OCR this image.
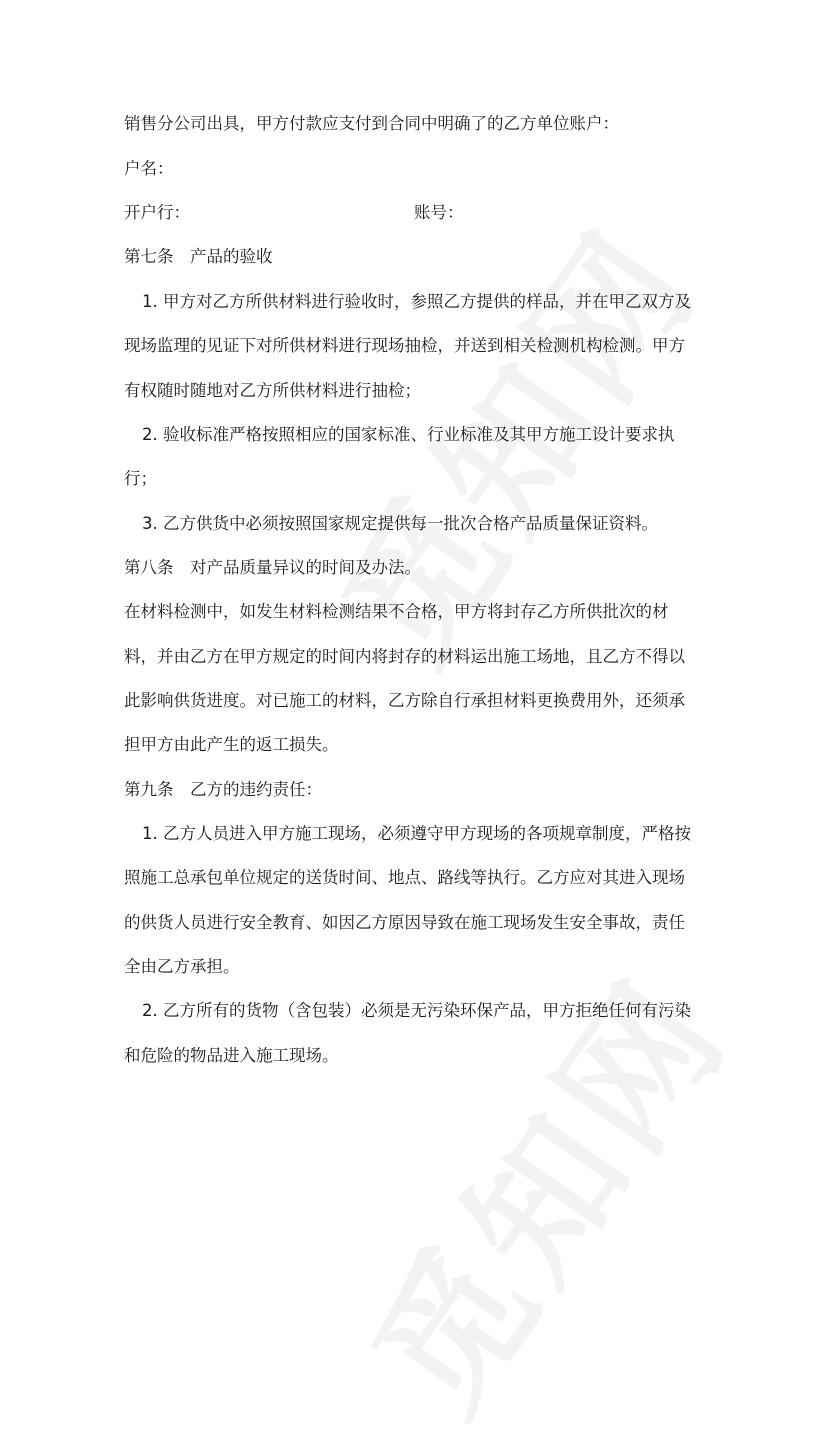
销售分公司出具，甲方付款应支付到合同中明确了的乙方单位账户：
户名：
开户行：	账号：
第七条　产品的验收
1. 甲方对乙方所供材料进行验收时，参照乙方提供的样品，并在甲乙双方及
现场监理的见证下对所供材料进行现场抽检，并送到相关检测机构检测。甲方
有权随时随地对乙方所供材料进行抽检；
2. 验收标准严格按照相应的国家标准、行业标准及其甲方施工设计要求执
行；
3. 乙方供货中必须按照国家规定提供每一批次合格产品质量保证资料。
第八条　对产品质量异议的时间及办法。
在材料检测中，如发生材料检测结果不合格，甲方将封存乙方所供批次的材
料，并由乙方在甲方规定的时间内将封存的材料运出施工场地，且乙方不得以
此影响供货进度。对已施工的材料，乙方除自行承担材料更换费用外，还须承
担甲方由此产生的返工损失。
第九条　乙方的违约责任：
1. 乙方人员进入甲方施工现场，必须遵守甲方现场的各项规章制度，严格按
照施工总承包单位规定的送货时间、地点、路线等执行。乙方应对其进入现场
的供货人员进行安全教育、如因乙方原因导致在施工现场发生安全事故，责任
全由乙方承担。
2. 乙方所有的货物（含包装）必须是无污染环保产品，甲方拒绝任何有污染
和危险的物品进入施工现场。
